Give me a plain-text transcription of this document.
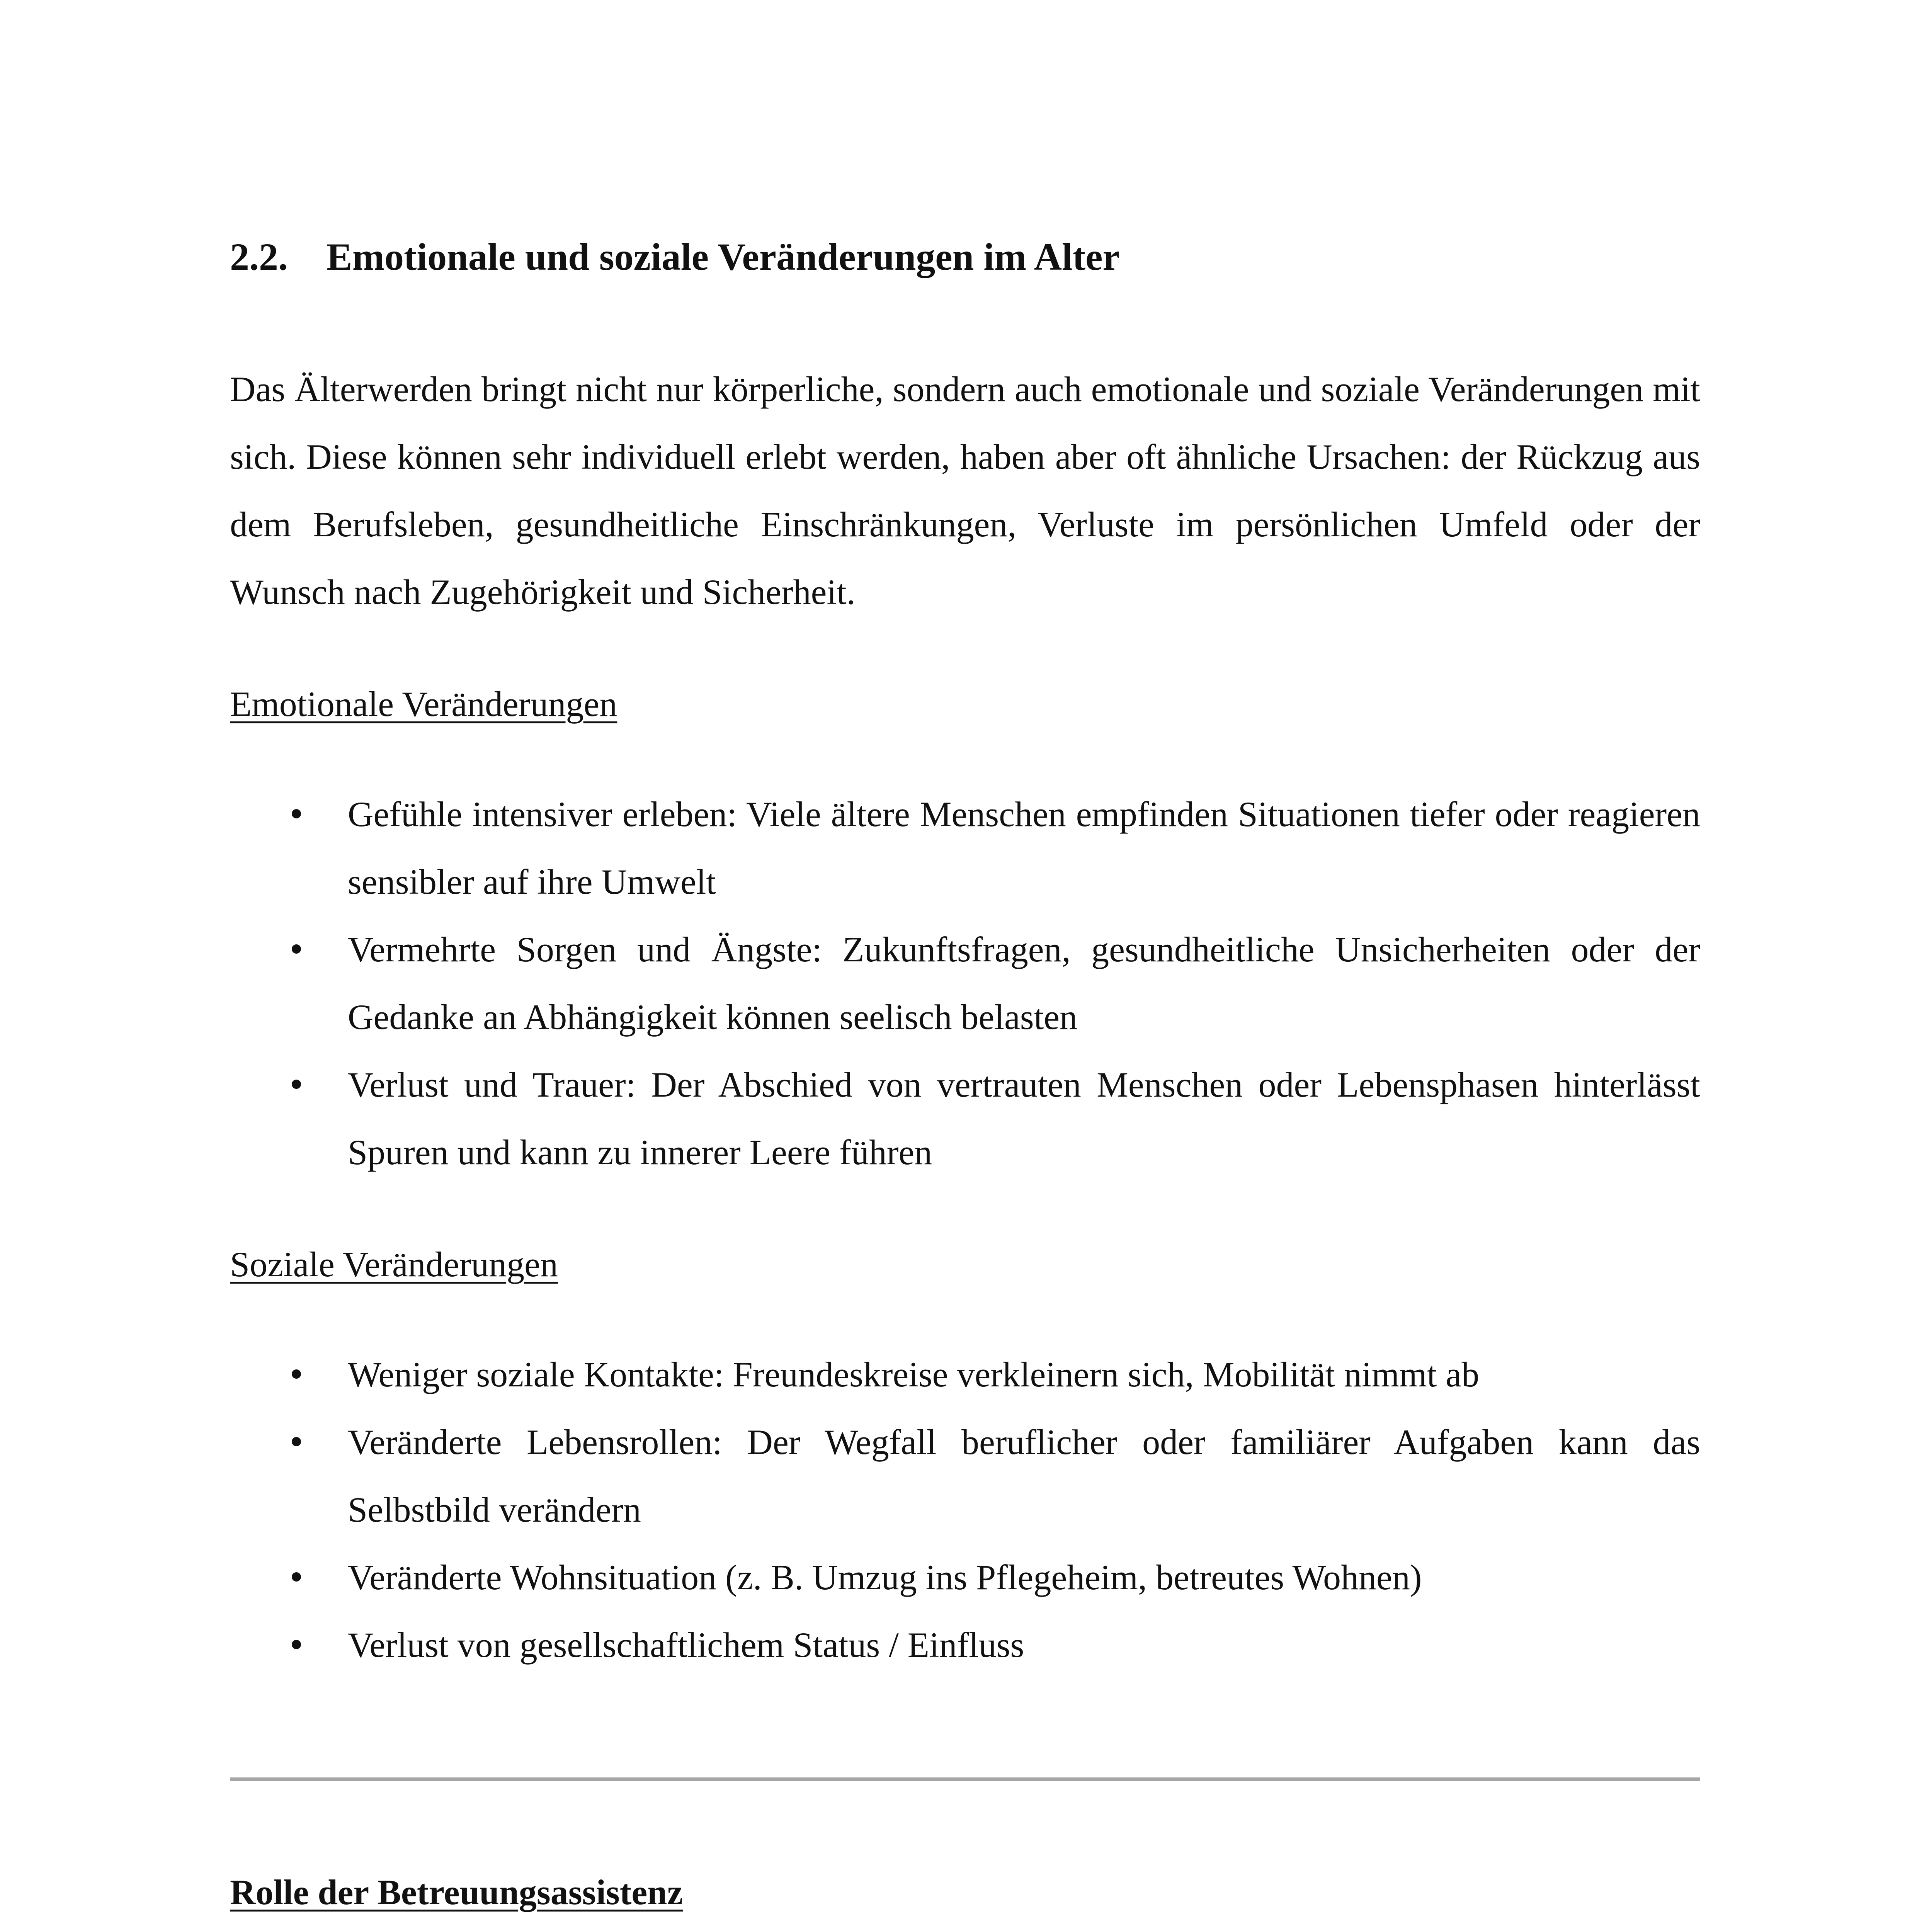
2.2. Emotionale und soziale Veränderungen im Alter

Das Älterwerden bringt nicht nur körperliche, sondern auch emotionale und soziale Veränderungen mit sich. Diese können sehr individuell erlebt werden, haben aber oft ähnliche Ursachen: der Rückzug aus dem Berufsleben, gesundheitliche Einschränkungen, Verluste im persönlichen Umfeld oder der Wunsch nach Zugehörigkeit und Sicherheit.

Emotionale Veränderungen
Gefühle intensiver erleben: Viele ältere Menschen empfinden Situationen tiefer oder reagieren sensibler auf ihre Umwelt
Vermehrte Sorgen und Ängste: Zukunftsfragen, gesundheitliche Unsicherheiten oder der Gedanke an Abhängigkeit können seelisch belasten
Verlust und Trauer: Der Abschied von vertrauten Menschen oder Lebensphasen hinterlässt Spuren und kann zu innerer Leere führen
Soziale Veränderungen
Weniger soziale Kontakte: Freundeskreise verkleinern sich, Mobilität nimmt ab
Veränderte Lebensrollen: Der Wegfall beruflicher oder familiärer Aufgaben kann das Selbstbild verändern
Veränderte Wohnsituation (z. B. Umzug ins Pflegeheim, betreutes Wohnen)
Verlust von gesellschaftlichem Status / Einfluss
Rolle der Betreuungsassistenz
